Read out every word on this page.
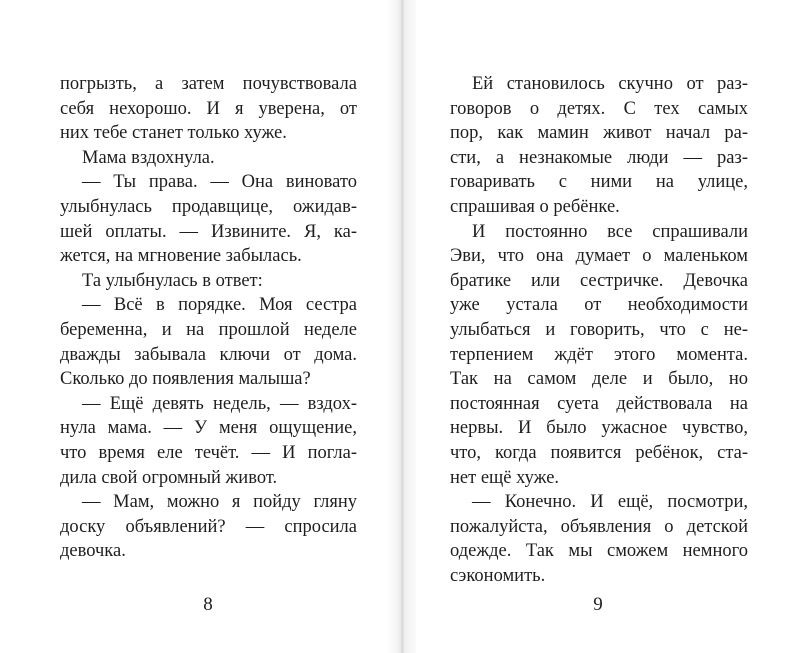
погрызть, а затем почувствовала
себя нехорошо. И я уверена, от
них тебе станет только хуже.
Мама вздохнула.
— Ты права. — Она виновато
улыбнулась продавщице, ожидав-
шей оплаты. — Извините. Я, ка-
жется, на мгновение забылась.
Та улыбнулась в ответ:
— Всё в порядке. Моя сестра
беременна, и на прошлой неделе
дважды забывала ключи от дома.
Сколько до появления малыша?
— Ещё девять недель, — вздох-
нула мама. — У меня ощущение,
что время еле течёт. — И погла-
дила свой огромный живот.
— Мам, можно я пойду гляну
доску объявлений? — спросила
девочка.
8
Ей становилось скучно от раз-
говоров о детях. С тех самых
пор, как мамин живот начал ра-
сти, а незнакомые люди — раз-
говаривать с ними на улице,
спрашивая о ребёнке.
И постоянно все спрашивали
Эви, что она думает о маленьком
братике или сестричке. Девочка
уже устала от необходимости
улыбаться и говорить, что с не-
терпением ждёт этого момента.
Так на самом деле и было, но
постоянная суета действовала на
нервы. И было ужасное чувство,
что, когда появится ребёнок, ста-
нет ещё хуже.
— Конечно. И ещё, посмотри,
пожалуйста, объявления о детской
одежде. Так мы сможем немного
сэкономить.
9
